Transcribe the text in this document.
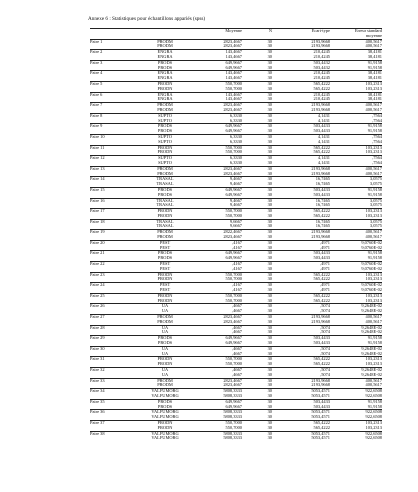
Annexe 6 : Statistiques pour échantillons appariés (spss)
		Moyenne	N	Ecart-type	Erreur standard
					moyenne
Paire 1	PRODM	2823,4667	30	2193,9668	400,5617
	PRODM	2823,4667	30	2193,9668	400,5617
Paire 2	ENGRA	143,4667	30	210,4245	38,4181
	ENGRA	143,4667	30	210,4245	38,4181
Paire 3	PRODS	649,9667	30	503,4432	91,9158
	PRODS	649,9667	30	503,4432	91,9158
Paire 4	ENGRA	143,4667	30	210,4245	38,4181
	ENGRA	143,4667	30	210,4245	38,4181
Paire 5	PRODN	550,7000	30	565,4222	103,2313
	PRODN	550,7000	30	565,4222	103,2313
Paire 6	ENGRA	143,4667	30	210,4245	38,4181
	ENGRA	143,4667	30	210,4245	38,4181
Paire 7	PRODM	2823,4667	30	2193,9668	400,5617
	PRODM	2823,4667	30	2193,9668	400,5617
Paire 8	SUPTO	6,3330	30	4,1431	,7564
	SUPTO	6,3330	30	4,1431	,7564
Paire 9	PRODS	649,9667	30	503,4433	91,9158
	PRODS	649,9667	30	503,4433	91,9158
Paire 10	SUPTO	6,3330	30	4,1431	,7564
	SUPTO	6,3330	30	4,1431	,7564
Paire 11	PRODN	550,7000	30	565,4222	103,2313
	PRODN	550,7000	30	565,4222	103,2313
Paire 12	SUPTO	6,3330	30	4,1431	,7564
	SUPTO	6,3330	30	4,1431	,7564
Paire 13	PRODM	2823,4667	30	2193,9668	400,5617
	PRODM	2823,4667	30	2193,9668	400,5617
Paire 14	TRASAL	9,4667	30	16,7465	3,0575
	TRASAL	9,4667	30	16,7465	3,0575
Paire 15	PRODS	649,9667	30	503,4433	91,9158
	PRODS	649,9667	30	503,4433	91,9158
Paire 16	TRASAL	9,4667	30	16,7465	3,0575
	TRASAL	9,4667	30	16,7465	3,0575
Paire 17	PRODN	550,7000	30	565,4222	103,2313
	PRODN	550,7000	30	565,4222	103,2313
Paire 18	TRASAL	9,6667	30	16,7465	3,0575
	TRASAL	9,6667	30	16,7465	3,0575
Paire 19	PRODM	2822,4667	30	2193,9668	400,5617
	PRODM	2823,4667	30	2193,9668	400,5617
Paire 20	PEST	,4167	30	,4971	9,0760E-02
	PEST	,4167	30	,4971	9,0760E-02
Paire 21	PRODS	649,9667	30	503,4433	91,9158
	PRODS	649,9667	30	503,4433	91,9158
Paire 22	PEST	,4167	30	,4971	9,0760E-02
	PEST	,4167	30	,4971	9,0760E-02
Paire 23	PRODN	550,7000	30	565,4222	103,2313
	PRODN	550,7000	30	565,4222	103,2313
Paire 24	PEST	,4167	30	,4971	9,0760E-02
	PEST	,4167	30	,4971	9,0760E-02
Paire 25	PRODN	550,7000	30	565,4222	103,2313
	PRODN	550,7000	30	565,4222	103,2313
Paire 26	UA	,4667	30	,5074	9,2648E-02
	UA	,4667	30	,5074	9,2648E-02
Paire 27	PRODM	2823,4667	30	2193,9668	400,5617
	PRODM	2823,4667	30	2193,9668	400,5617
Paire 28	UA	,4667	30	,5074	9,2648E-02
	UA	,4667	30	,5074	9,2648E-02
Paire 29	PRODS	649,9667	30	503,4433	91,9158
	PRODS	649,9667	30	503,4433	91,9158
Paire 30	UA	,4667	30	,5074	9,2648E-02
	UA	,4667	30	,5074	9,2648E-02
Paire 31	PRODN	550,7000	30	565,4222	103,2313
	PRODN	550,7000	30	565,4222	103,2313
Paire 32	UA	,4667	30	,5074	9,2648E-02
	UA	,4667	30	,5074	9,2648E-02
Paire 33	PRODM	2823,4667	30	2193,9668	400,5617
	PRODM	2823,4667	30	2193,9668	400,5617
Paire 34	VALFUMORG	5808,3333	30	5053,4571	922,6508
	VALFUMORG	5808,3333	30	5053,4571	922,6508
Paire 35	PRODS	649,9667	30	503,4433	91,9158
	PRODS	649,9667	30	503,4433	91,9158
Paire 36	VALFUMORG	5808,3333	30	5053,4571	922,6508
	VALFUMORG	5808,3333	30	5053,4571	922,6508
Paire 37	PRODN	550,7000	30	565,4222	103,2313
	PRODN	550,7000	30	565,4222	103,2313
Paire 38	VALFUMORG	5808,3333	30	5053,4571	922,6508
	VALFUMORG	5808,3333	30	5053,4571	922,6508
